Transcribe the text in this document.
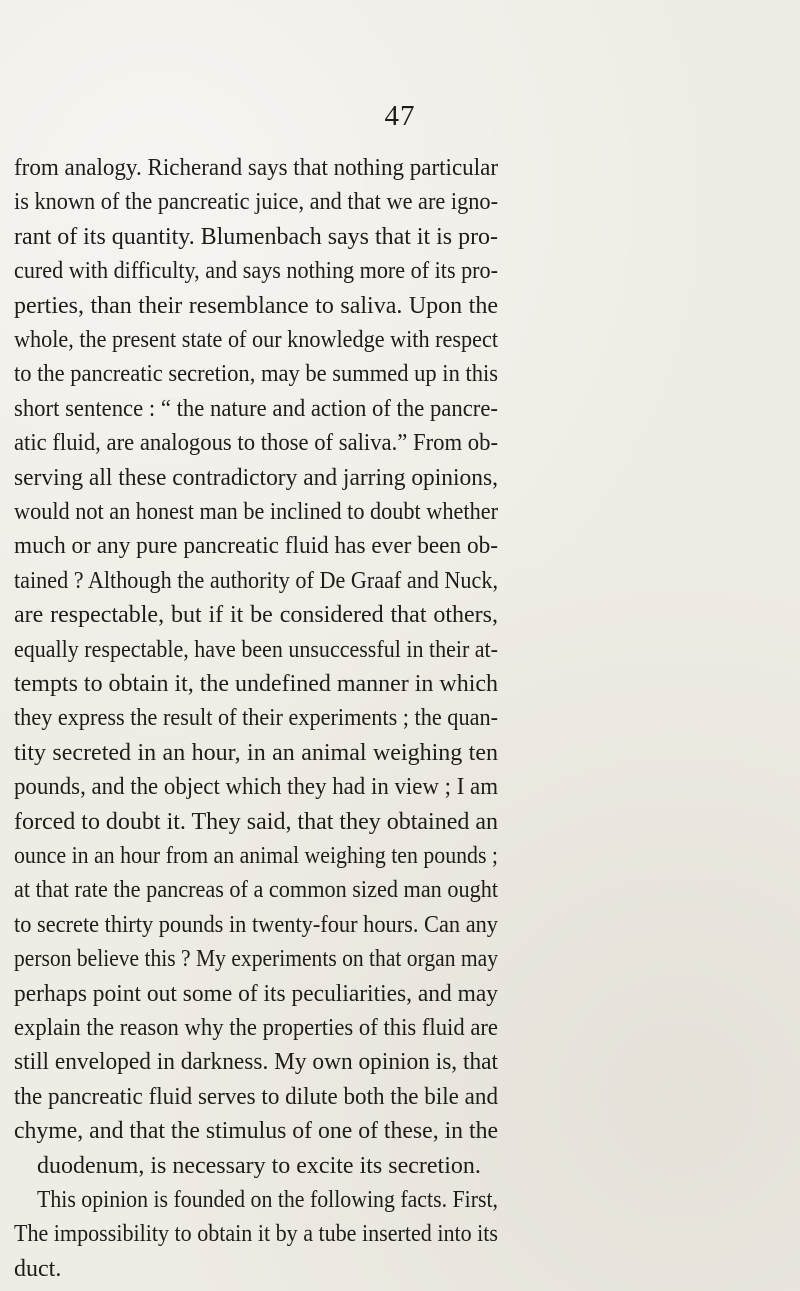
47
from analogy. Richerand says that nothing particular
is known of the pancreatic juice, and that we are igno-
rant of its quantity. Blumenbach says that it is pro-
cured with difficulty, and says nothing more of its pro-
perties, than their resemblance to saliva. Upon the
whole, the present state of our knowledge with respect
to the pancreatic secretion, may be summed up in this
short sentence : “ the nature and action of the pancre-
atic fluid, are analogous to those of saliva.” From ob-
serving all these contradictory and jarring opinions,
would not an honest man be inclined to doubt whether
much or any pure pancreatic fluid has ever been ob-
tained ? Although the authority of De Graaf and Nuck,
are respectable, but if it be considered that others,
equally respectable, have been unsuccessful in their at-
tempts to obtain it, the undefined manner in which
they express the result of their experiments ; the quan-
tity secreted in an hour, in an animal weighing ten
pounds, and the object which they had in view ; I am
forced to doubt it. They said, that they obtained an
ounce in an hour from an animal weighing ten pounds ;
at that rate the pancreas of a common sized man ought
to secrete thirty pounds in twenty-four hours. Can any
person believe this ? My experiments on that organ may
perhaps point out some of its peculiarities, and may
explain the reason why the properties of this fluid are
still enveloped in darkness. My own opinion is, that
the pancreatic fluid serves to dilute both the bile and
chyme, and that the stimulus of one of these, in the
duodenum, is necessary to excite its secretion.
This opinion is founded on the following facts. First,
The impossibility to obtain it by a tube inserted into its
duct.
